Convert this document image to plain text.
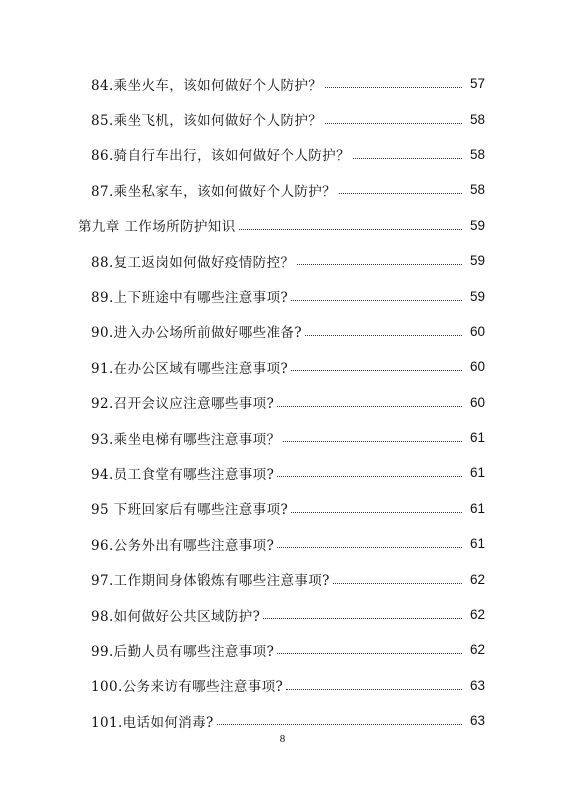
84.乘坐火车，该如何做好个人防护？	57
85.乘坐飞机，该如何做好个人防护？	58
86.骑自行车出行，该如何做好个人防护？	58
87.乘坐私家车，该如何做好个人防护？	58
第九章 工作场所防护知识	59
88.复工返岗如何做好疫情防控？	59
89.上下班途中有哪些注意事项?	59
90.进入办公场所前做好哪些准备?	60
91.在办公区域有哪些注意事项?	60
92.召开会议应注意哪些事项?	60
93.乘坐电梯有哪些注意事项？	61
94.员工食堂有哪些注意事项?	61
95 下班回家后有哪些注意事项?	61
96.公务外出有哪些注意事项?	61
97.工作期间身体锻炼有哪些注意事项?	62
98.如何做好公共区域防护?	62
99.后勤人员有哪些注意事项?	62
100.公务来访有哪些注意事项?	63
101.电话如何消毒?	63
8
